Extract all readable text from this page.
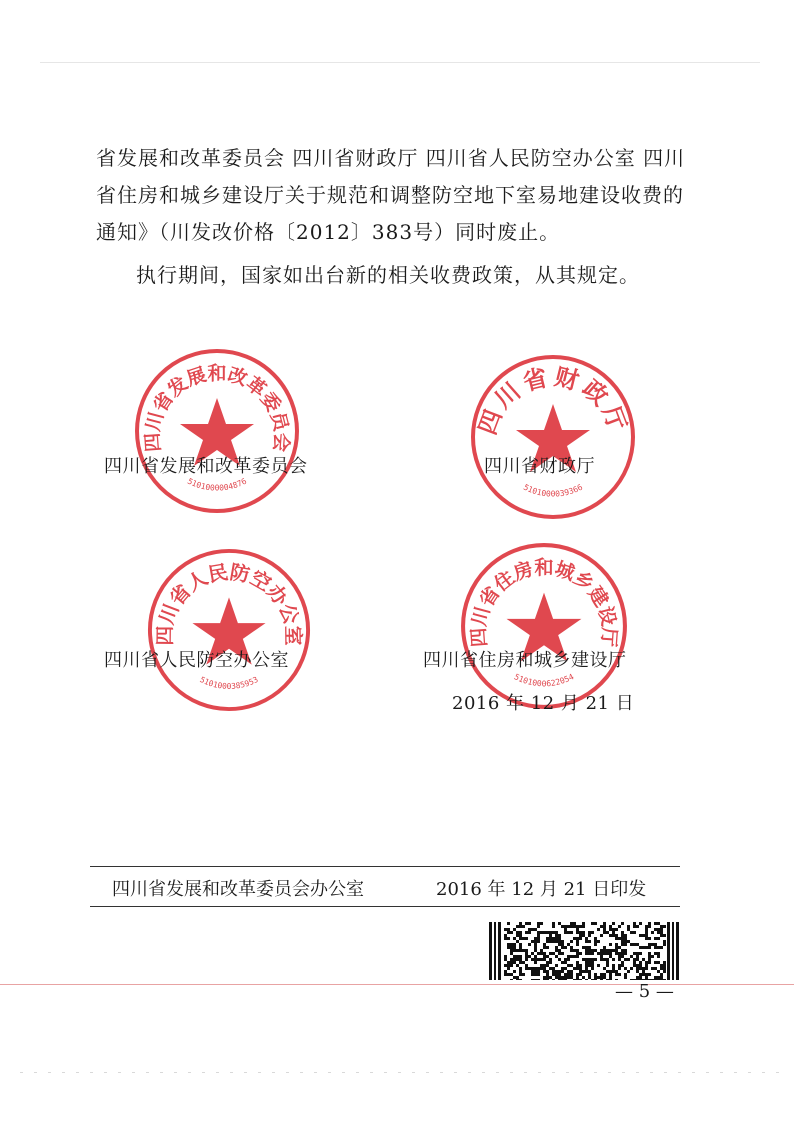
省发展和改革委员会 四川省财政厅 四川省人民防空办公室 四川省住房和城乡建设厅关于规范和调整防空地下室易地建设收费的通知》（川发改价格〔2012〕383号）同时废止。

执行期间，国家如出台新的相关收费政策，从其规定。

四川省发展和改革委员会
5101000004876
四川省财政厅
5101000039366
四川省人民防空办公室
5101000385953
四川省住房和城乡建设厅
5101000622054
四川省发展和改革委员会	四川省财政厅
四川省人民防空办公室	四川省住房和城乡建设厅
2016 年 12 月 21 日
四川省发展和改革委员会办公室	2016 年 12 月 21 日印发
— 5 —
